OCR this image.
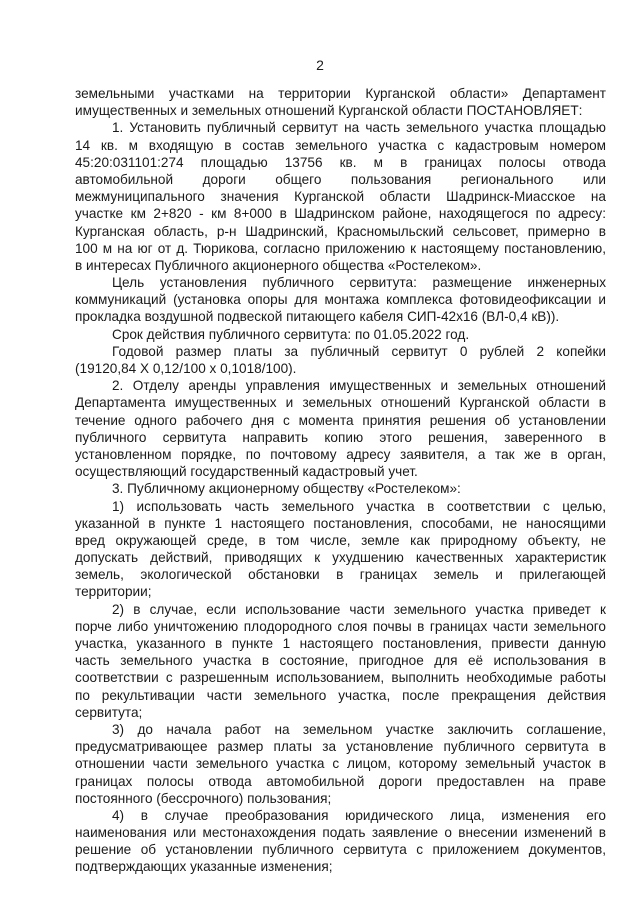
2
земельными участками на территории Курганской области» Департамент
имущественных и земельных отношений Курганской области ПОСТАНОВЛЯЕТ:
1. Установить публичный сервитут на часть земельного участка площадью
14 кв. м входящую в состав земельного участка с кадастровым номером
45:20:031101:274 площадью 13756 кв. м в границах полосы отвода
автомобильной дороги общего пользования регионального или
межмуниципального значения Курганской области Шадринск-Миасское на
участке км 2+820 - км 8+000 в Шадринском районе, находящегося по адресу:
Курганская область, р-н Шадринский, Красномыльский сельсовет, примерно в
100 м на юг от д. Тюрикова, согласно приложению к настоящему постановлению,
в интересах Публичного акционерного общества «Ростелеком».
Цель установления публичного сервитута: размещение инженерных
коммуникаций (установка опоры для монтажа комплекса фотовидеофиксации и
прокладка воздушной подвеской питающего кабеля СИП-42х16 (ВЛ-0,4 кВ)).
Срок действия публичного сервитута: по 01.05.2022 год.
Годовой размер платы за публичный сервитут 0 рублей 2 копейки
(19120,84 Х 0,12/100 х 0,1018/100).
2. Отделу аренды управления имущественных и земельных отношений
Департамента имущественных и земельных отношений Курганской области в
течение одного рабочего дня с момента принятия решения об установлении
публичного сервитута направить копию этого решения, заверенного в
установленном порядке, по почтовому адресу заявителя, а так же в орган,
осуществляющий государственный кадастровый учет.
3. Публичному акционерному обществу «Ростелеком»:
1) использовать часть земельного участка в соответствии с целью,
указанной в пункте 1 настоящего постановления, способами, не наносящими
вред окружающей среде, в том числе, земле как природному объекту, не
допускать действий, приводящих к ухудшению качественных характеристик
земель, экологической обстановки в границах земель и прилегающей
территории;
2) в случае, если использование части земельного участка приведет к
порче либо уничтожению плодородного слоя почвы в границах части земельного
участка, указанного в пункте 1 настоящего постановления, привести данную
часть земельного участка в состояние, пригодное для её использования в
соответствии с разрешенным использованием, выполнить необходимые работы
по рекультивации части земельного участка, после прекращения действия
сервитута;
3) до начала работ на земельном участке заключить соглашение,
предусматривающее размер платы за установление публичного сервитута в
отношении части земельного участка с лицом, которому земельный участок в
границах полосы отвода автомобильной дороги предоставлен на праве
постоянного (бессрочного) пользования;
4) в случае преобразования юридического лица, изменения его
наименования или местонахождения подать заявление о внесении изменений в
решение об установлении публичного сервитута с приложением документов,
подтверждающих указанные изменения;
